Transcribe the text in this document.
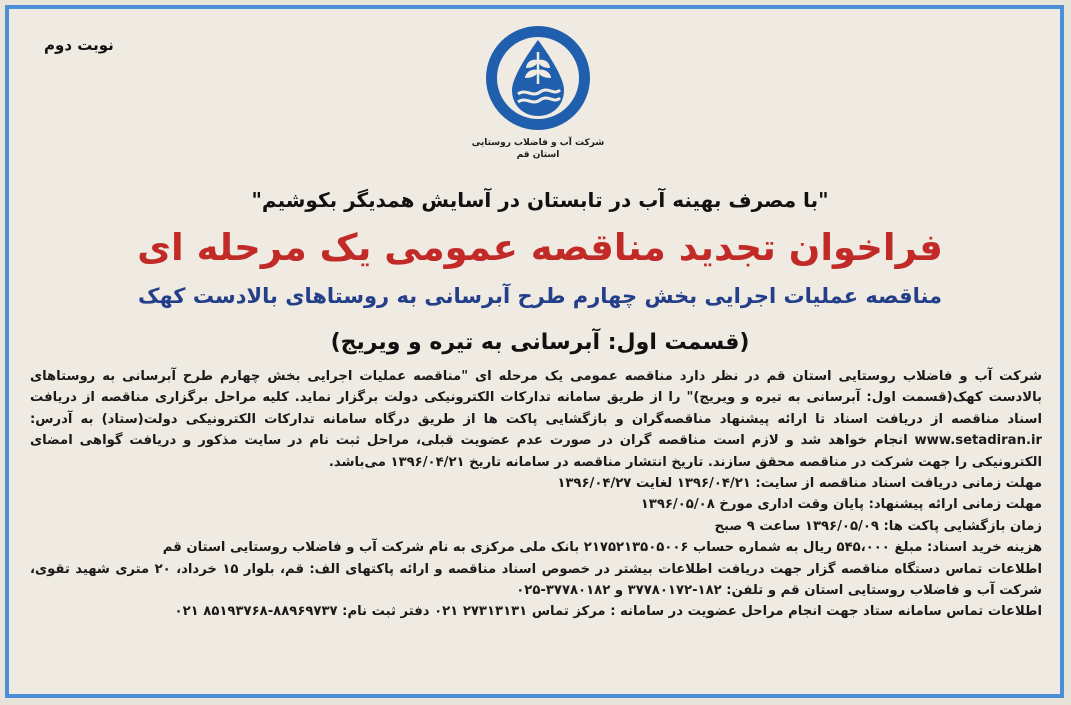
نوبت دوم
شرکت آب و فاضلاب روستایی
استان قم
"با مصرف بهینه آب در تابستان در آسایش همدیگر بکوشیم"
فراخوان تجدید مناقصه عمومی یک مرحله ای
مناقصه عملیات اجرایی بخش چهارم طرح آبرسانی به روستاهای بالادست کهک
(قسمت اول: آبرسانی به تیره و ویریج)

شرکت آب و فاضلاب روستایی استان قم در نظر دارد مناقصه عمومی یک مرحله ای "مناقصه عملیات اجرایی بخش چهارم طرح آبرسانی به روستاهای بالادست کهک(قسمت اول: آبرسانی به تیره و ویریج)" را از طریق سامانه تدارکات الکترونیکی دولت برگزار نماید. کلیه مراحل برگزاری مناقصه از دریافت اسناد مناقصه از دریافت اسناد تا ارائه پیشنهاد مناقصه‌گران و بازگشایی پاکت ها از طریق درگاه سامانه تدارکات الکترونیکی دولت(ستاد) به آدرس: www.setadiran.ir انجام خواهد شد و لازم است مناقصه گران در صورت عدم عضویت قبلی، مراحل ثبت نام در سایت مذکور و دریافت گواهی امضای الکترونیکی را جهت شرکت در مناقصه محقق سازند. تاریخ انتشار مناقصه در سامانه تاریخ ۱۳۹۶/۰۴/۲۱ می‌باشد.

مهلت زمانی دریافت اسناد مناقصه از سایت: ۱۳۹۶/۰۴/۲۱ لغایت ۱۳۹۶/۰۴/۲۷

مهلت زمانی ارائه پیشنهاد: پایان وقت اداری مورخ ۱۳۹۶/۰۵/۰۸

زمان بازگشایی پاکت ها: ۱۳۹۶/۰۵/۰۹ ساعت ۹ صبح

هزینه خرید اسناد: مبلغ ۵۴۵،۰۰۰ ریال به شماره حساب ۲۱۷۵۲۱۳۵۰۵۰۰۶ بانک ملی مرکزی به نام شرکت آب و فاضلاب روستایی استان قم

اطلاعات تماس دستگاه مناقصه گزار جهت دریافت اطلاعات بیشتر در خصوص اسناد مناقصه و ارائه پاکتهای الف: قم، بلوار ۱۵ خرداد، ۲۰ متری شهید تقوی، شرکت آب و فاضلاب روستایی استان قم و تلفن: ۱۸۲-۳۷۷۸۰۱۷۲ و ۳۷۷۸۰۱۸۲-۰۲۵

اطلاعات تماس سامانه ستاد جهت انجام مراحل عضویت در سامانه : مرکز تماس ۲۷۳۱۳۱۳۱ ۰۲۱ دفتر ثبت نام: ۸۸۹۶۹۷۳۷-۸۵۱۹۳۷۶۸ ۰۲۱
